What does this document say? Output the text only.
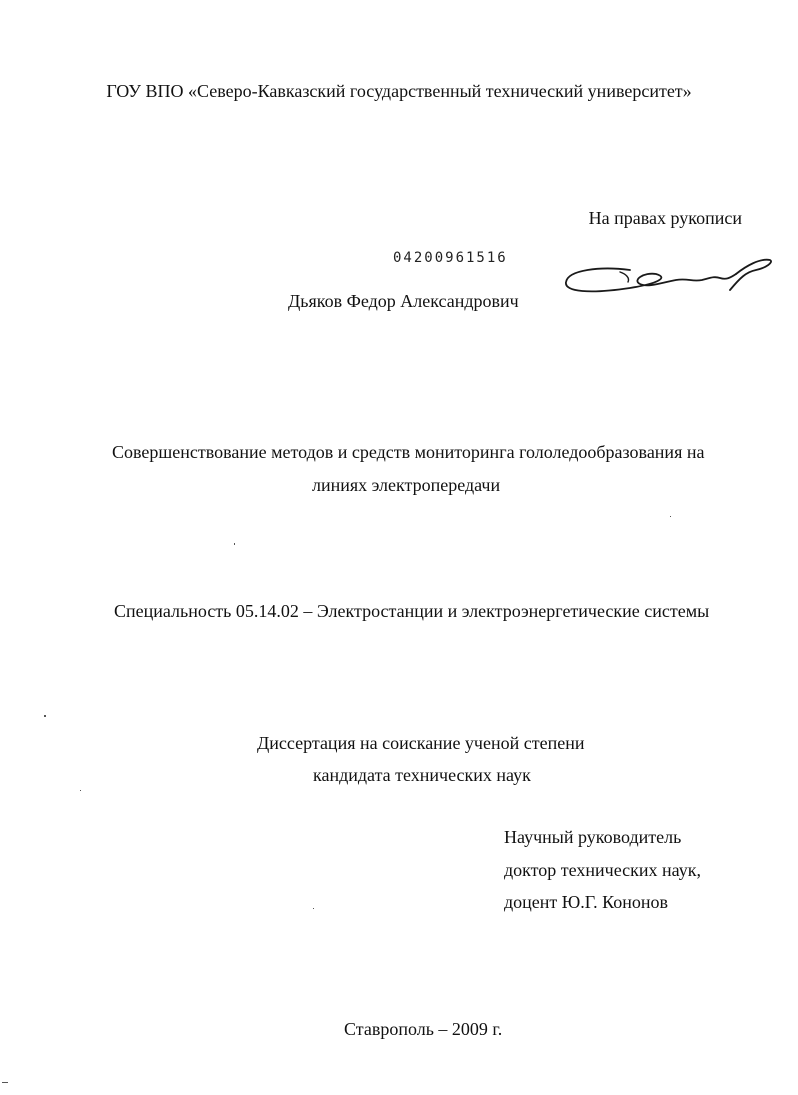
ГОУ ВПО «Северо-Кавказский государственный технический университет»
На правах рукописи
04200961516
Дьяков Федор Александрович
Совершенствование методов и средств мониторинга гололедообразования на
линиях электропередачи
Специальность 05.14.02 – Электростанции и электроэнергетические системы
Диссертация на соискание ученой степени
кандидата технических наук
Научный руководитель
доктор технических наук,
доцент Ю.Г. Кононов
Ставрополь – 2009 г.
